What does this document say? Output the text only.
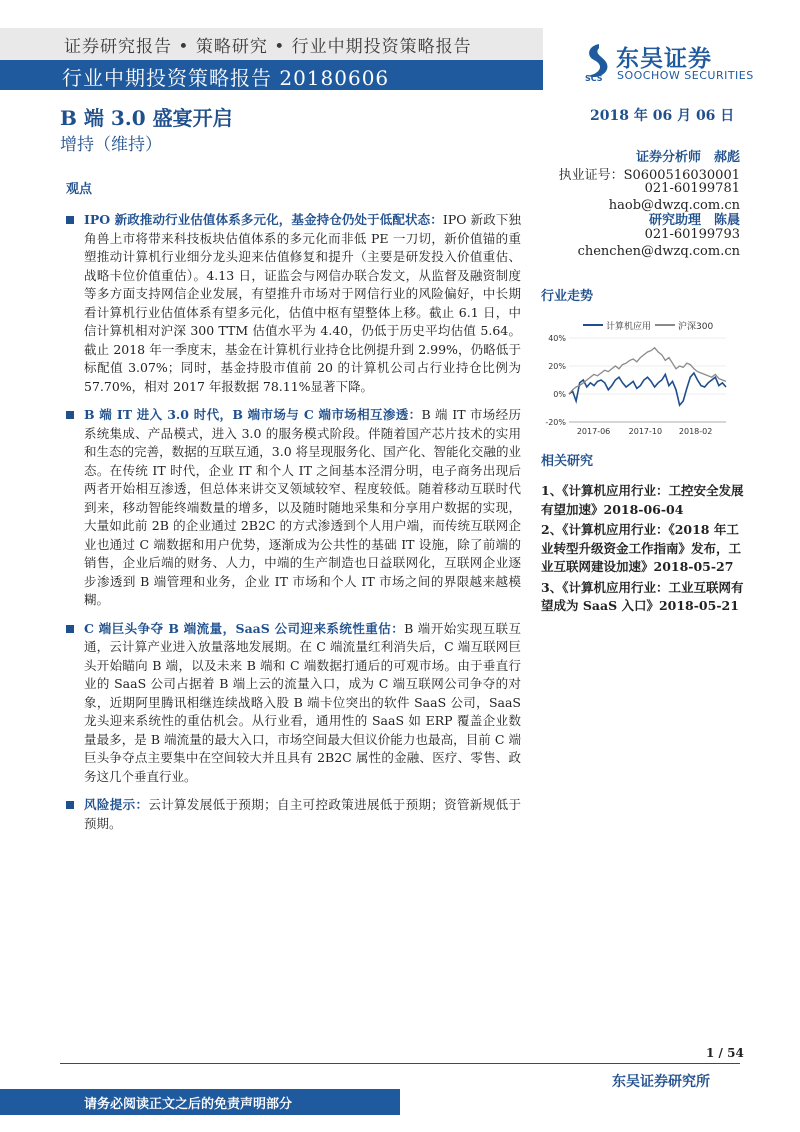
证券研究报告 • 策略研究 • 行业中期投资策略报告
行业中期投资策略报告 20180606	SCS
东吴证券
SOOCHOW SECURITIES
B 端 3.0 盛宴开启
增持（维持）
2018 年 06 月 06 日
证券分析师　郝彪
执业证号：S0600516030001
021-60199781
haob@dwzq.com.cn
研究助理　陈晨
021-60199793
chenchen@dwzq.com.cn
行业走势
计算机应用	沪深300
40%
20%
0%
-20%
2017-06 2017-10 2018-02
相关研究
1、《计算机应用行业：工控安全发展有望加速》2018-06-04
2、《计算机应用行业：《2018 年工业转型升级资金工作指南》发布，工业互联网建设加速》2018-05-27
3、《计算机应用行业：工业互联网有望成为 SaaS 入口》2018-05-21
观点
IPO 新政推动行业估值体系多元化，基金持仓仍处于低配状态：IPO 新政下独角兽上市将带来科技板块估值体系的多元化而非低 PE 一刀切，新价值锚的重塑推动计算机行业细分龙头迎来估值修复和提升（主要是研发投入价值重估、战略卡位价值重估）。4.13 日，证监会与网信办联合发文，从监督及融资制度等多方面支持网信企业发展，有望推升市场对于网信行业的风险偏好，中长期看计算机行业估值体系有望多元化，估值中枢有望整体上移。截止 6.1 日，中信计算机相对沪深 300 TTM 估值水平为 4.40，仍低于历史平均估值 5.64。截止 2018 年一季度末，基金在计算机行业持仓比例提升到 2.99%，仍略低于标配值 3.07%；同时，基金持股市值前 20 的计算机公司占行业持仓比例为 57.70%，相对 2017 年报数据 78.11%显著下降。
B 端 IT 进入 3.0 时代，B 端市场与 C 端市场相互渗透：B 端 IT 市场经历系统集成、产品模式，进入 3.0 的服务模式阶段。伴随着国产芯片技术的实用和生态的完善，数据的互联互通，3.0 将呈现服务化、国产化、智能化交融的业态。在传统 IT 时代，企业 IT 和个人 IT 之间基本泾渭分明，电子商务出现后两者开始相互渗透，但总体来讲交叉领域较窄、程度较低。随着移动互联时代到来，移动智能终端数量的增多，以及随时随地采集和分享用户数据的实现，大量如此前 2B 的企业通过 2B2C 的方式渗透到个人用户端，而传统互联网企业也通过 C 端数据和用户优势，逐渐成为公共性的基础 IT 设施，除了前端的销售，企业后端的财务、人力，中端的生产制造也日益联网化，互联网企业逐步渗透到 B 端管理和业务，企业 IT 市场和个人 IT 市场之间的界限越来越模糊。
C 端巨头争夺 B 端流量，SaaS 公司迎来系统性重估：B 端开始实现互联互通，云计算产业进入放量落地发展期。在 C 端流量红利消失后，C 端互联网巨头开始瞄向 B 端，以及未来 B 端和 C 端数据打通后的可观市场。由于垂直行业的 SaaS 公司占据着 B 端上云的流量入口，成为 C 端互联网公司争夺的对象，近期阿里腾讯相继连续战略入股 B 端卡位突出的软件 SaaS 公司，SaaS 龙头迎来系统性的重估机会。从行业看，通用性的 SaaS 如 ERP 覆盖企业数量最多，是 B 端流量的最大入口，市场空间最大但议价能力也最高，目前 C 端巨头争夺点主要集中在空间较大并且具有 2B2C 属性的金融、医疗、零售、政务这几个垂直行业。
风险提示：云计算发展低于预期；自主可控政策进展低于预期；资管新规低于预期。
1 / 54
东吴证券研究所
请务必阅读正文之后的免责声明部分
